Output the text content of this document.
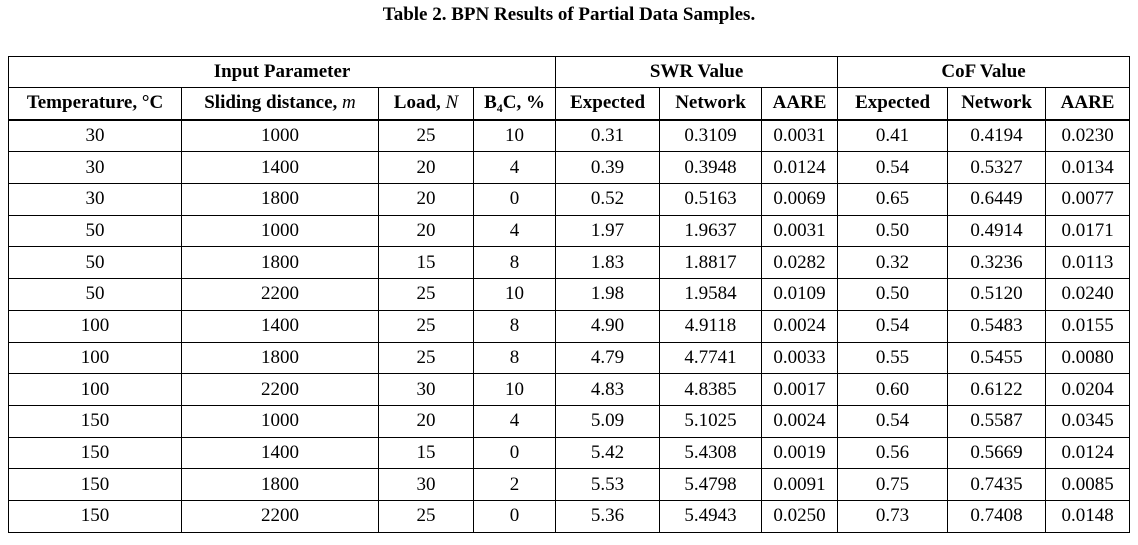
Table 2. BPN Results of Partial Data Samples.
Input Parameter				SWR Value			CoF Value		
Temperature, °C	Sliding distance, m	Load, N	$B_4C$, %	Expected	Network	AARE	Expected	Network	AARE
30	1000	25	10	0.31	0.3109	0.0031	0.41	0.4194	0.0230
30	1400	20	4	0.39	0.3948	0.0124	0.54	0.5327	0.0134
30	1800	20	0	0.52	0.5163	0.0069	0.65	0.6449	0.0077
50	1000	20	4	1.97	1.9637	0.0031	0.50	0.4914	0.0171
50	1800	15	8	1.83	1.8817	0.0282	0.32	0.3236	0.0113
50	2200	25	10	1.98	1.9584	0.0109	0.50	0.5120	0.0240
100	1400	25	8	4.90	4.9118	0.0024	0.54	0.5483	0.0155
100	1800	25	8	4.79	4.7741	0.0033	0.55	0.5455	0.0080
100	2200	30	10	4.83	4.8385	0.0017	0.60	0.6122	0.0204
150	1000	20	4	5.09	5.1025	0.0024	0.54	0.5587	0.0345
150	1400	15	0	5.42	5.4308	0.0019	0.56	0.5669	0.0124
150	1800	30	2	5.53	5.4798	0.0091	0.75	0.7435	0.0085
150	2200	25	0	5.36	5.4943	0.0250	0.73	0.7408	0.0148
